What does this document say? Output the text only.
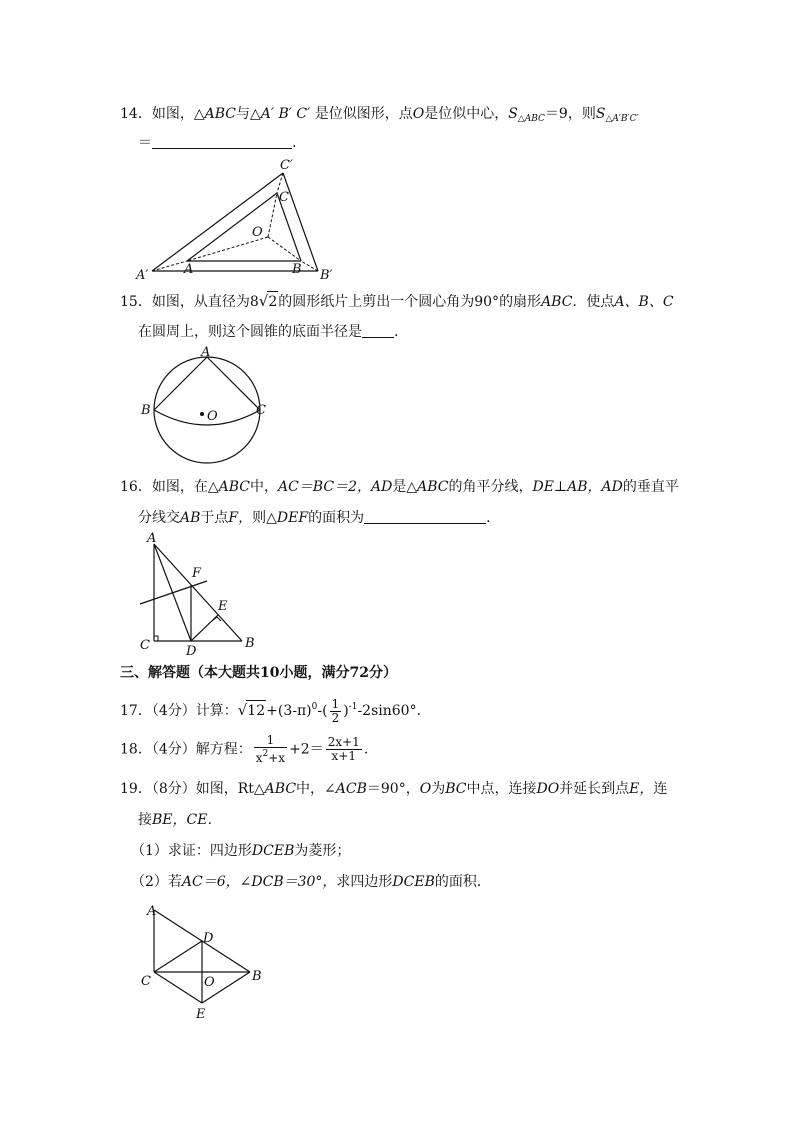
14．如图，△ABC与△A′ B′ C′ 是位似图形，点O是位似中心，$S_{\triangle ABC}=9$，则$S_{\triangle A'B'C'}$
＝	.
C′
C
O
A′	A	B B′
15．如图，从直径为8√2的圆形纸片上剪出一个圆心角为90°的扇形ABC．使点A、B、C
在圆周上，则这个圆锥的底面半径是 .
A
B	C
O
16．如图，在△ABC中，AC＝BC＝2，AD是△ABC的角平分线，DE⊥AB，AD的垂直平
分线交AB于点F，则△DEF的面积为	.
A
F
E
C	D
B
三、解答题（本大题共10小题，满分72分）
17．（4分）计算：$√12+(3-\pi)^0-( \frac{1}{2} )^{-1}-2\sin 60^\circ$．
18．（4分）解方程： $\frac{1}{x^2+x} +2= \frac{2x+1}{x+1}$ .
19．（8分）如图，Rt△ABC中，∠ACB＝90°，O为BC中点，连接DO并延长到点E，连
接BE，CE．
（1）求证：四边形DCEB为菱形；
（2）若AC＝6，∠DCB＝30°，求四边形DCEB的面积．
A
D
C	O	B
E
